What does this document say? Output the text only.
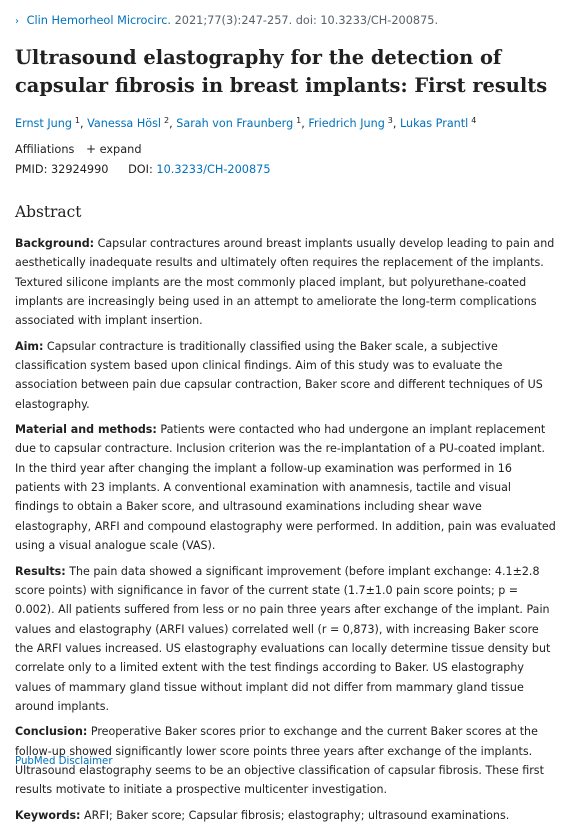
› Clin Hemorheol Microcirc. 2021;77(3):247-257. doi: 10.3233/CH-200875.
Ultrasound elastography for the detection of capsular fibrosis in breast implants: First results
Ernst Jung $^1$, Vanessa Hösl $^2$, Sarah von Fraunberg $^1$, Friedrich Jung $^3$, Lukas Prantl $^4$
Affiliations + expand
PMID: 32924990 DOI: 10.3233/CH-200875
Abstract

Background: Capsular contractures around breast implants usually develop leading to pain and aesthetically inadequate results and ultimately often requires the replacement of the implants. Textured silicone implants are the most commonly placed implant, but polyurethane-coated implants are increasingly being used in an attempt to ameliorate the long-term complications associated with implant insertion.

Aim: Capsular contracture is traditionally classified using the Baker scale, a subjective classification system based upon clinical findings. Aim of this study was to evaluate the association between pain due capsular contraction, Baker score and different techniques of US elastography.

Material and methods: Patients were contacted who had undergone an implant replacement due to capsular contracture. Inclusion criterion was the re-implantation of a PU-coated implant. In the third year after changing the implant a follow-up examination was performed in 16 patients with 23 implants. A conventional examination with anamnesis, tactile and visual findings to obtain a Baker score, and ultrasound examinations including shear wave elastography, ARFI and compound elastography were performed. In addition, pain was evaluated using a visual analogue scale (VAS).

Results: The pain data showed a significant improvement (before implant exchange: 4.1±2.8 score points) with significance in favor of the current state (1.7±1.0 pain score points; p = 0.002). All patients suffered from less or no pain three years after exchange of the implant. Pain values and elastography (ARFI values) correlated well (r = 0,873), with increasing Baker score the ARFI values increased. US elastography evaluations can locally determine tissue density but correlate only to a limited extent with the test findings according to Baker. US elastography values of mammary gland tissue without implant did not differ from mammary gland tissue around implants.

Conclusion: Preoperative Baker scores prior to exchange and the current Baker scores at the follow-up showed significantly lower score points three years after exchange of the implants. Ultrasound elastography seems to be an objective classification of capsular fibrosis. These first results motivate to initiate a prospective multicenter investigation.

Keywords: ARFI; Baker score; Capsular fibrosis; elastography; ultrasound examinations.

PubMed Disclaimer
